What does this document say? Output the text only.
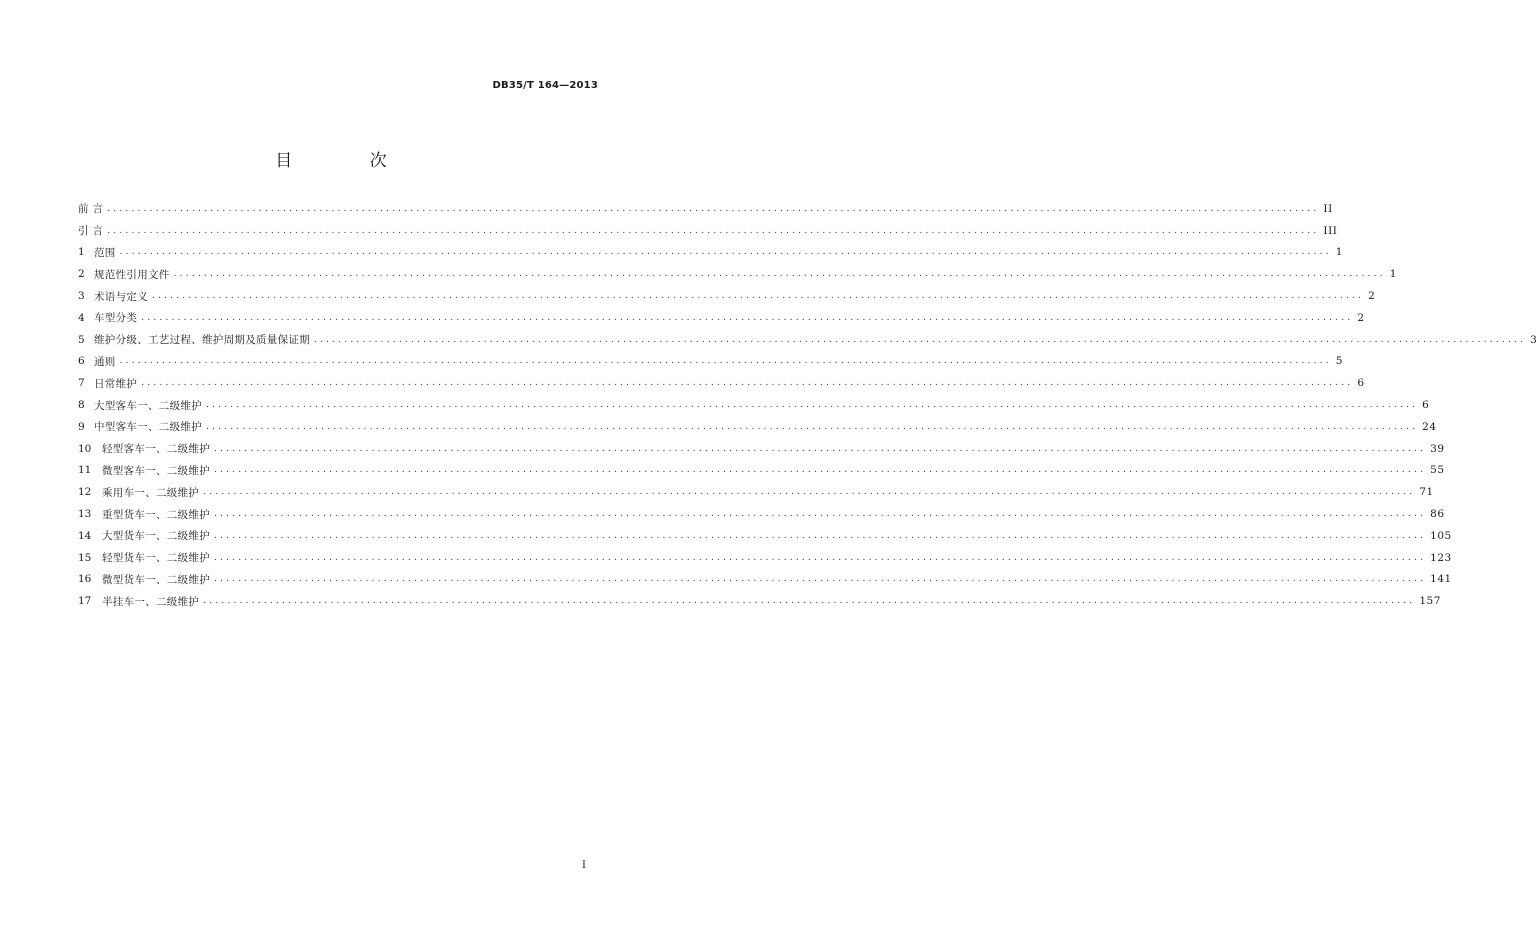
DB35/T 164—2013
目 次
前 言 ........................................................................................................................................................................................................ II
引 言 ........................................................................................................................................................................................................ III
1 范围 ........................................................................................................................................................................................................ 1
2 规范性引用文件 ........................................................................................................................................................................................................ 1
3 术语与定义 ........................................................................................................................................................................................................ 2
4 车型分类 ........................................................................................................................................................................................................ 2
5 维护分级、工艺过程、维护周期及质量保证期 ........................................................................................................................................................................................................ 3
6 通则 ........................................................................................................................................................................................................ 5
7 日常维护 ........................................................................................................................................................................................................ 6
8 大型客车一、二级维护 ........................................................................................................................................................................................................ 6
9 中型客车一、二级维护 ........................................................................................................................................................................................................ 24
10	轻型客车一、二级维护 ........................................................................................................................................................................................................ 39
11	微型客车一、二级维护 ........................................................................................................................................................................................................ 55
12	乘用车一、二级维护 ........................................................................................................................................................................................................ 71
13	重型货车一、二级维护 ........................................................................................................................................................................................................ 86
14	大型货车一、二级维护 ........................................................................................................................................................................................................ 105
15	轻型货车一、二级维护 ........................................................................................................................................................................................................ 123
16	微型货车一、二级维护 ........................................................................................................................................................................................................ 141
17	半挂车一、二级维护 ........................................................................................................................................................................................................ 157
I
